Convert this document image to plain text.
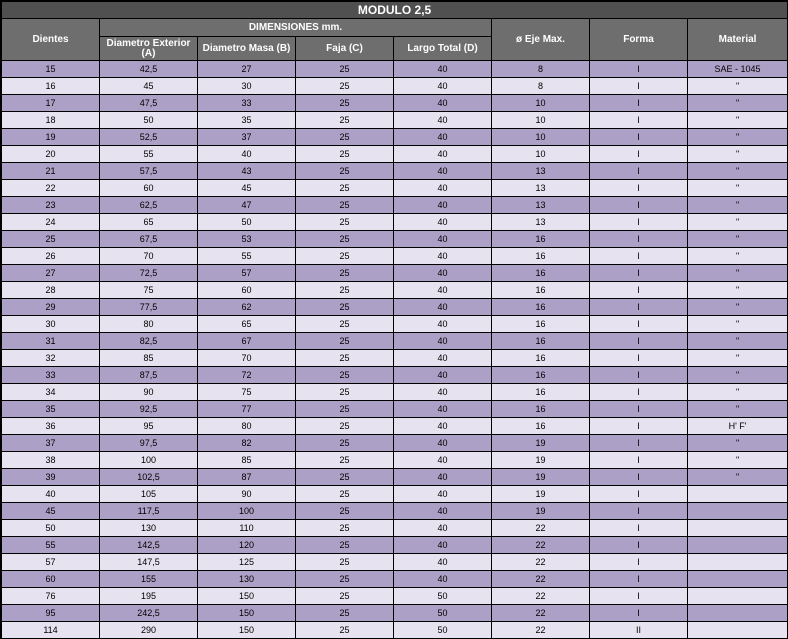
MODULO 2,5							
Dientes	DIMENSIONES mm.				ø Eje Max.	Forma	Material
	Diametro Exterior (A)	Diametro Masa (B)	Faja (C)	Largo Total (D)			
15	42,5	27	25	40	8	I	SAE - 1045
16	45	30	25	40	8	I	"
17	47,5	33	25	40	10	I	"
18	50	35	25	40	10	I	"
19	52,5	37	25	40	10	I	"
20	55	40	25	40	10	I	"
21	57,5	43	25	40	13	I	"
22	60	45	25	40	13	I	"
23	62,5	47	25	40	13	I	"
24	65	50	25	40	13	I	"
25	67,5	53	25	40	16	I	"
26	70	55	25	40	16	I	"
27	72,5	57	25	40	16	I	"
28	75	60	25	40	16	I	"
29	77,5	62	25	40	16	I	"
30	80	65	25	40	16	I	"
31	82,5	67	25	40	16	I	"
32	85	70	25	40	16	I	"
33	87,5	72	25	40	16	I	"
34	90	75	25	40	16	I	"
35	92,5	77	25	40	16	I	"
36	95	80	25	40	16	I	H' F'
37	97,5	82	25	40	19	I	"
38	100	85	25	40	19	I	"
39	102,5	87	25	40	19	I	"
40	105	90	25	40	19	I	
45	117,5	100	25	40	19	I	
50	130	110	25	40	22	I	
55	142,5	120	25	40	22	I	
57	147,5	125	25	40	22	I	
60	155	130	25	40	22	I	
76	195	150	25	50	22	I	
95	242,5	150	25	50	22	I	
114	290	150	25	50	22	II	
